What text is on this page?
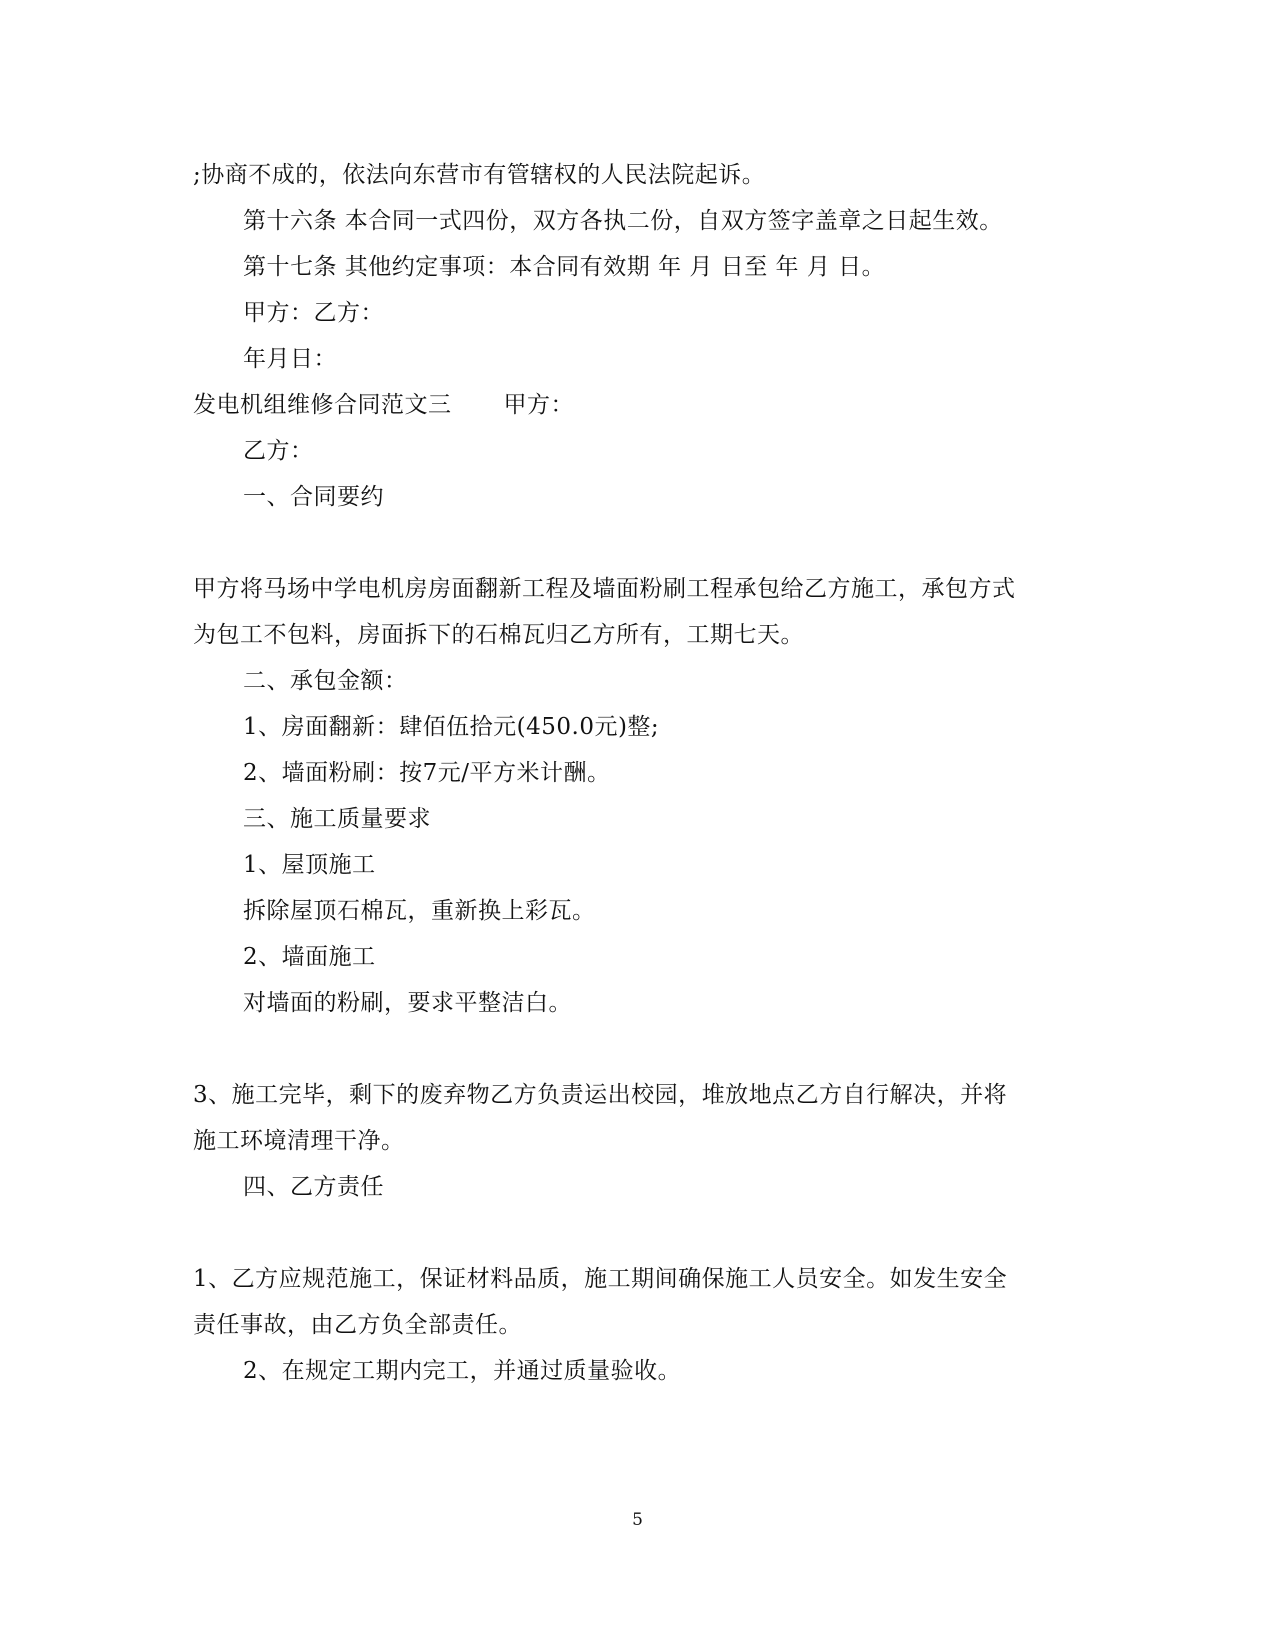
;协商不成的，依法向东营市有管辖权的人民法院起诉。
第十六条 本合同一式四份，双方各执二份，自双方签字盖章之日起生效。
第十七条 其他约定事项：本合同有效期 年 月 日至 年 月 日。
甲方：乙方：
年月日：
发电机组维修合同范文三 甲方：
乙方：
一、合同要约
甲方将马场中学电机房房面翻新工程及墙面粉刷工程承包给乙方施工，承包方式
为包工不包料，房面拆下的石棉瓦归乙方所有，工期七天。
二、承包金额：
1、房面翻新：肆佰伍拾元(450.0元)整;
2、墙面粉刷：按7元/平方米计酬。
三、施工质量要求
1、屋顶施工
拆除屋顶石棉瓦，重新换上彩瓦。
2、墙面施工
对墙面的粉刷，要求平整洁白。
3、施工完毕，剩下的废弃物乙方负责运出校园，堆放地点乙方自行解决，并将
施工环境清理干净。
四、乙方责任
1、乙方应规范施工，保证材料品质，施工期间确保施工人员安全。如发生安全
责任事故，由乙方负全部责任。
2、在规定工期内完工，并通过质量验收。
5
